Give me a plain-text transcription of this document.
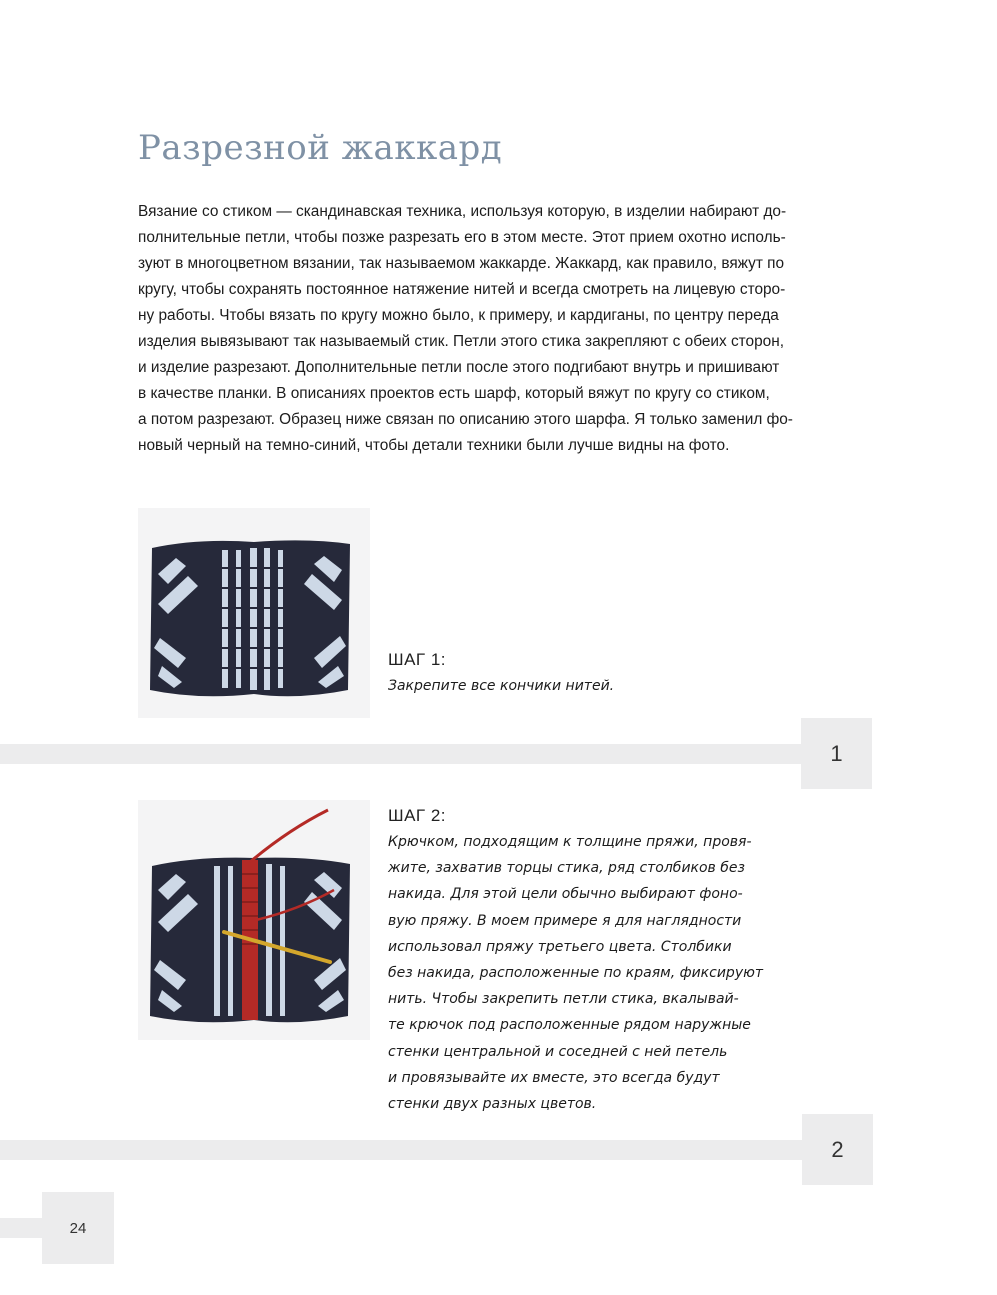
Разрезной жаккард
Вязание со стиком — скандинавская техника, используя которую, в изделии набирают до-
полнительные петли, чтобы позже разрезать его в этом месте. Этот прием охотно исполь-
зуют в многоцветном вязании, так называемом жаккарде. Жаккард, как правило, вяжут по
кругу, чтобы сохранять постоянное натяжение нитей и всегда смотреть на лицевую сторо-
ну работы. Чтобы вязать по кругу можно было, к примеру, и кардиганы, по центру переда
изделия вывязывают так называемый стик. Петли этого стика закрепляют с обеих сторон,
и изделие разрезают. Дополнительные петли после этого подгибают внутрь и пришивают
в качестве планки. В описаниях проектов есть шарф, который вяжут по кругу со стиком,
а потом разрезают. Образец ниже связан по описанию этого шарфа. Я только заменил фо-
новый черный на темно-синий, чтобы детали техники были лучше видны на фото.

ШАГ 1:

Закрепите все кончики нитей.
1

ШАГ 2:

Крючком, подходящим к толщине пряжи, провя-
жите, захватив торцы стика, ряд столбиков без
накида. Для этой цели обычно выбирают фоно-
вую пряжу. В моем примере я для наглядности
использовал пряжу третьего цвета. Столбики
без накида, расположенные по краям, фиксируют
нить. Чтобы закрепить петли стика, вкалывай-
те крючок под расположенные рядом наружные
стенки центральной и соседней с ней петель
и провязывайте их вместе, это всегда будут
стенки двух разных цветов.
2
24
